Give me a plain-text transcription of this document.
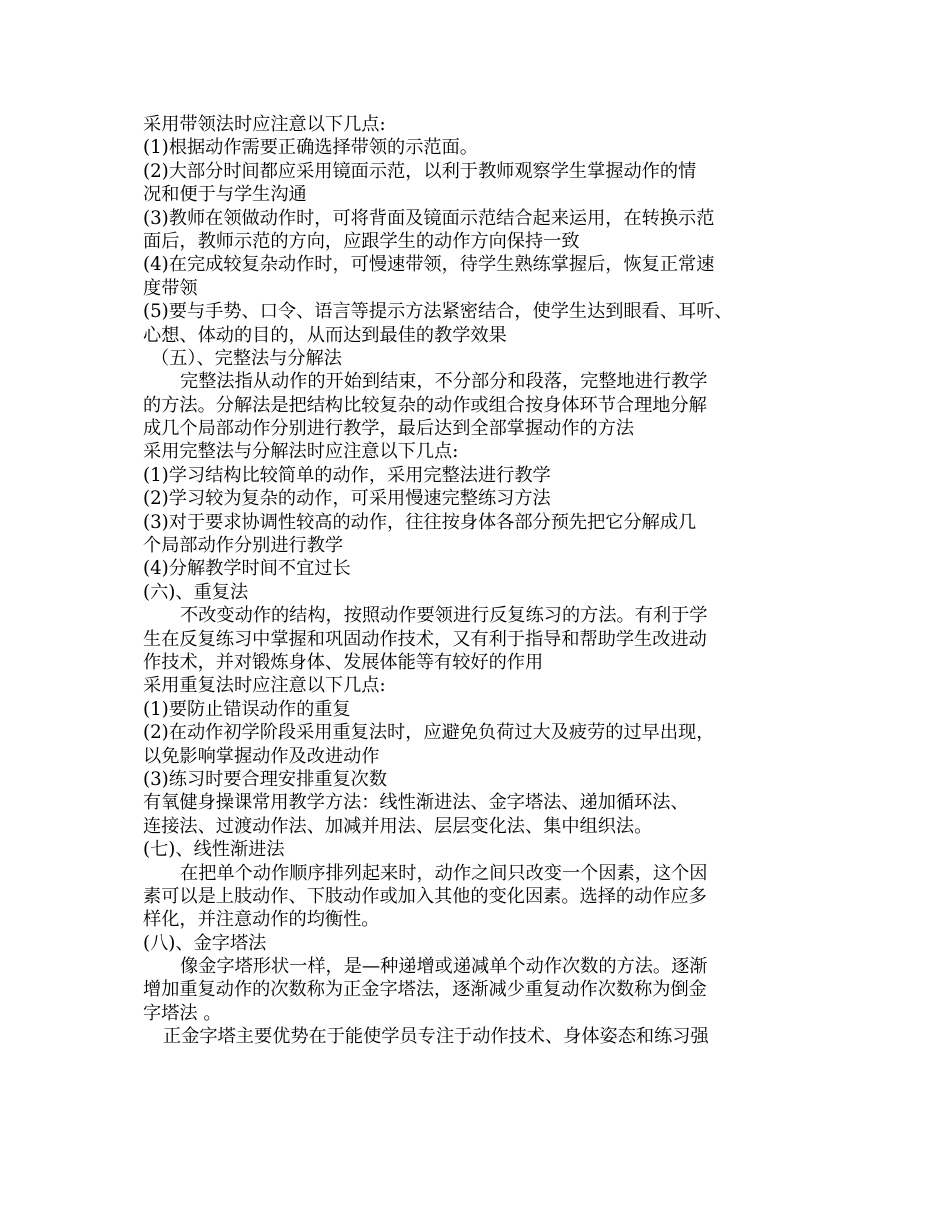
采用带领法时应注意以下几点:
(1)根据动作需要正确选择带领的示范面。
(2)大部分时间都应采用镜面示范，以利于教师观察学生掌握动作的情
况和便于与学生沟通
(3)教师在领做动作时，可将背面及镜面示范结合起来运用，在转换示范
面后，教师示范的方向，应跟学生的动作方向保持一致
(4)在完成较复杂动作时，可慢速带领，待学生熟练掌握后，恢复正常速
度带领
(5)要与手势、口令、语言等提示方法紧密结合，使学生达到眼看、耳听、
心想、体动的目的，从而达到最佳的教学效果
（五）、完整法与分解法
完整法指从动作的开始到结束，不分部分和段落，完整地进行教学
的方法。分解法是把结构比较复杂的动作或组合按身体环节合理地分解
成几个局部动作分别进行教学，最后达到全部掌握动作的方法
采用完整法与分解法时应注意以下几点:
(1)学习结构比较简单的动作，采用完整法进行教学
(2)学习较为复杂的动作，可采用慢速完整练习方法
(3)对于要求协调性较高的动作，往往按身体各部分预先把它分解成几
个局部动作分别进行教学
(4)分解教学时间不宜过长
(六)、重复法
不改变动作的结构，按照动作要领进行反复练习的方法。有利于学
生在反复练习中掌握和巩固动作技术，又有利于指导和帮助学生改进动
作技术，并对锻炼身体、发展体能等有较好的作用
采用重复法时应注意以下几点:
(1)要防止错误动作的重复
(2)在动作初学阶段采用重复法时，应避免负荷过大及疲劳的过早出现，
以免影响掌握动作及改进动作
(3)练习时要合理安排重复次数
有氧健身操课常用教学方法：线性渐进法、金字塔法、递加循环法、
连接法、过渡动作法、加减并用法、层层变化法、集中组织法。
(七)、线性渐进法
在把单个动作顺序排列起来时，动作之间只改变一个因素，这个因
素可以是上肢动作、下肢动作或加入其他的变化因素。选择的动作应多
样化，并注意动作的均衡性。
(八)、金字塔法
像金字塔形状一样，是—种递增或递减单个动作次数的方法。逐渐
增加重复动作的次数称为正金字塔法，逐渐减少重复动作次数称为倒金
字塔法 。
正金字塔主要优势在于能使学员专注于动作技术、身体姿态和练习强
